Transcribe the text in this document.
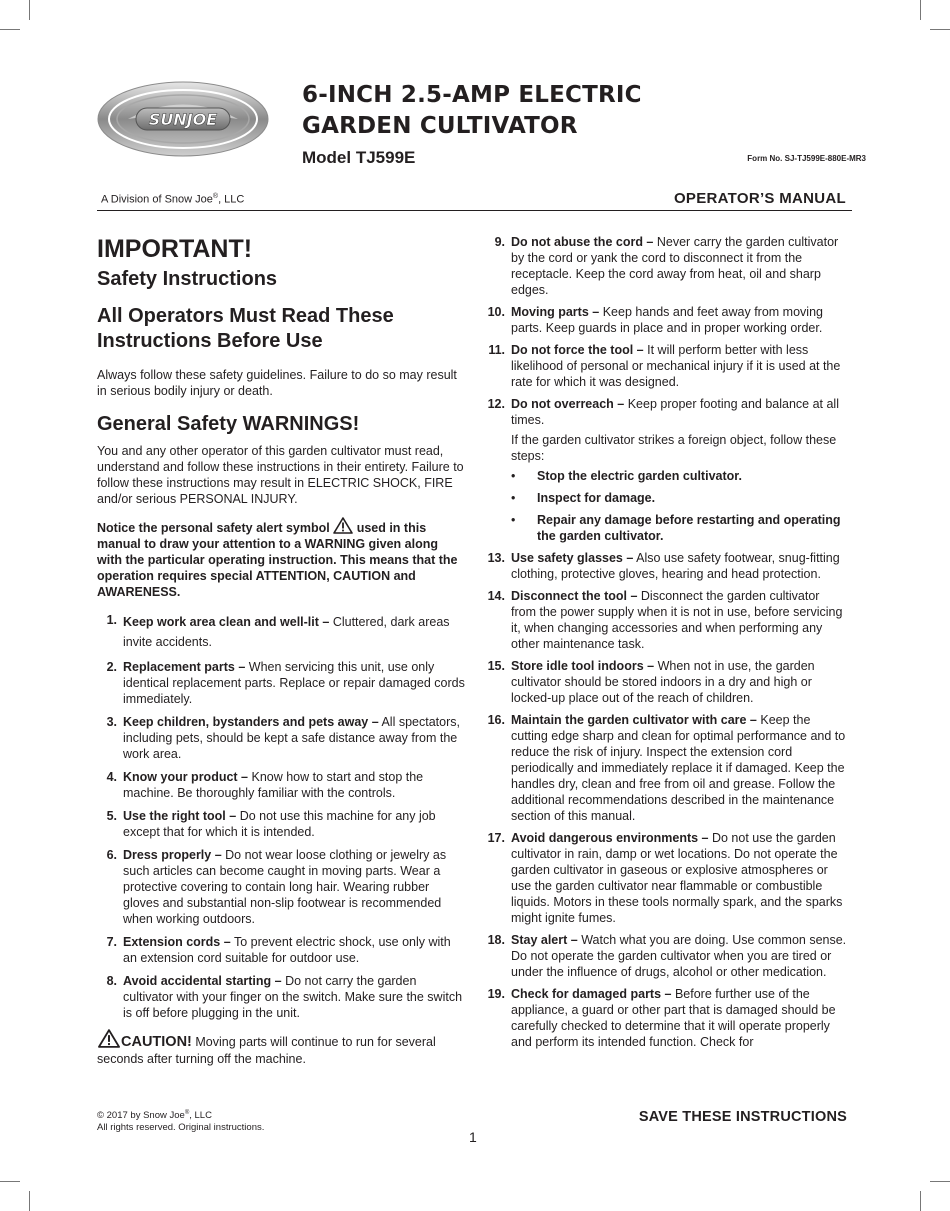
SUNJOE
6-INCH 2.5-AMP ELECTRIC
GARDEN CULTIVATOR
Model TJ599E	Form No. SJ-TJ599E-880E-MR3
A Division of Snow Joe®, LLC	OPERATOR’S MANUAL
IMPORTANT!
Safety Instructions
All Operators Must Read These Instructions Before Use

Always follow these safety guidelines. Failure to do so may result in serious bodily injury or death.

General Safety WARNINGS!

You and any other operator of this garden cultivator must read, understand and follow these instructions in their entirety. Failure to follow these instructions may result in ELECTRIC SHOCK, FIRE and/or serious PERSONAL INJURY.

Notice the personal safety alert symbol used in this manual to draw your attention to a WARNING given along with the particular operating instruction. This means that the operation requires special ATTENTION, CAUTION and AWARENESS.

1. Keep work area clean and well-lit – Cluttered, dark areas invite accidents.
2. Replacement parts – When servicing this unit, use only identical replacement parts. Replace or repair damaged cords immediately.
3. Keep children, bystanders and pets away – All spectators, including pets, should be kept a safe distance away from the work area.
4. Know your product – Know how to start and stop the machine. Be thoroughly familiar with the controls.
5. Use the right tool – Do not use this machine for any job except that for which it is intended.
6. Dress properly – Do not wear loose clothing or jewelry as such articles can become caught in moving parts. Wear a protective covering to contain long hair. Wearing rubber gloves and substantial non-slip footwear is recommended when working outdoors.
7. Extension cords – To prevent electric shock, use only with an extension cord suitable for outdoor use.
8. Avoid accidental starting – Do not carry the garden cultivator with your finger on the switch. Make sure the switch is off before plugging in the unit.

CAUTION! Moving parts will continue to run for several seconds after turning off the machine.

9. Do not abuse the cord – Never carry the garden cultivator by the cord or yank the cord to disconnect it from the receptacle. Keep the cord away from heat, oil and sharp edges.
10. Moving parts – Keep hands and feet away from moving parts. Keep guards in place and in proper working order.
11. Do not force the tool – It will perform better with less likelihood of personal or mechanical injury if it is used at the rate for which it was designed.
12. Do not overreach – Keep proper footing and balance at all times.

If the garden cultivator strikes a foreign object, follow these steps:

• Stop the electric garden cultivator.
• Inspect for damage.
• Repair any damage before restarting and operating the garden cultivator.
13. Use safety glasses – Also use safety footwear, snug-fitting clothing, protective gloves, hearing and head protection.
14. Disconnect the tool – Disconnect the garden cultivator from the power supply when it is not in use, before servicing it, when changing accessories and when performing any other maintenance task.
15. Store idle tool indoors – When not in use, the garden cultivator should be stored indoors in a dry and high or locked-up place out of the reach of children.
16. Maintain the garden cultivator with care – Keep the cutting edge sharp and clean for optimal performance and to reduce the risk of injury. Inspect the extension cord periodically and immediately replace it if damaged. Keep the handles dry, clean and free from oil and grease. Follow the additional recommendations described in the maintenance section of this manual.
17. Avoid dangerous environments – Do not use the garden cultivator in rain, damp or wet locations. Do not operate the garden cultivator in gaseous or explosive atmospheres or use the garden cultivator near flammable or combustible liquids. Motors in these tools normally spark, and the sparks might ignite fumes.
18. Stay alert – Watch what you are doing. Use common sense. Do not operate the garden cultivator when you are tired or under the influence of drugs, alcohol or other medication.
19. Check for damaged parts – Before further use of the appliance, a guard or other part that is damaged should be carefully checked to determine that it will operate properly and perform its intended function. Check for
© 2017 by Snow Joe®, LLC
All rights reserved. Original instructions.
SAVE THESE INSTRUCTIONS
1
